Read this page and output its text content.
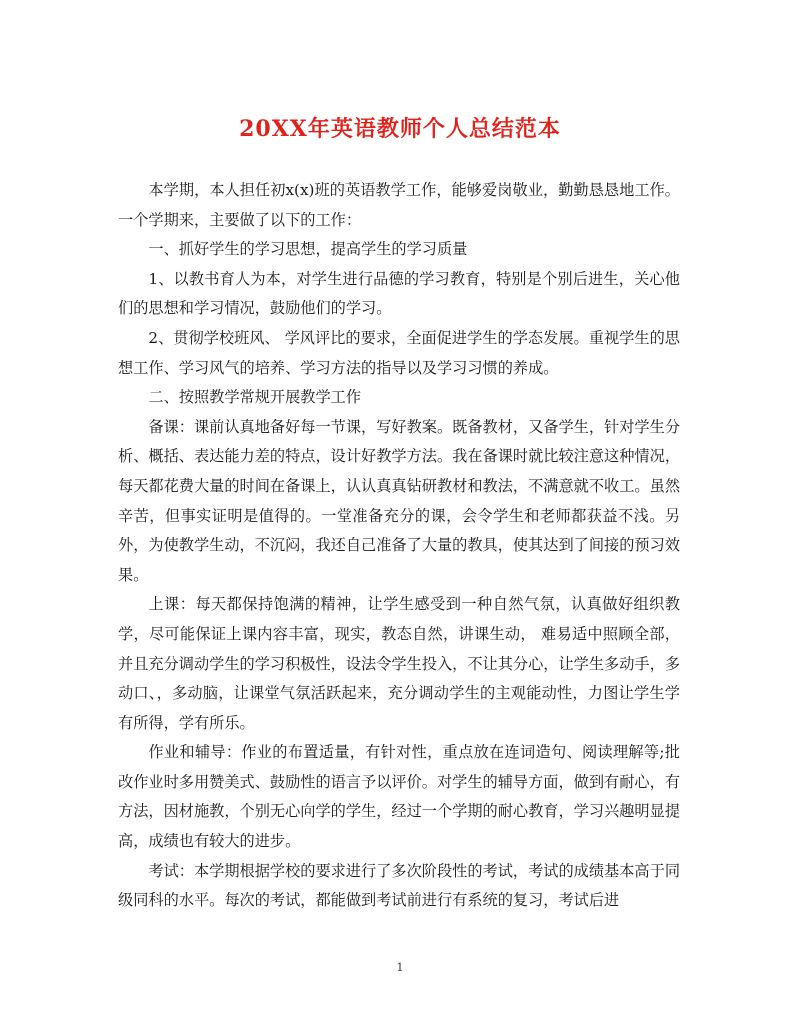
20XX年英语教师个人总结范本

本学期，本人担任初x(x)班的英语教学工作，能够爱岗敬业，勤勤恳恳地工作。一个学期来，主要做了以下的工作：

一、抓好学生的学习思想，提高学生的学习质量

1、以教书育人为本，对学生进行品德的学习教育，特别是个别后进生，关心他们的思想和学习情况，鼓励他们的学习。

2、贯彻学校班风、 学风评比的要求，全面促进学生的学态发展。重视学生的思想工作、学习风气的培养、学习方法的指导以及学习习惯的养成。

二、按照教学常规开展教学工作

备课：课前认真地备好每一节课，写好教案。既备教材，又备学生，针对学生分析、概括、表达能力差的特点，设计好教学方法。我在备课时就比较注意这种情况，每天都花费大量的时间在备课上，认认真真钻研教材和教法，不满意就不收工。虽然辛苦，但事实证明是值得的。一堂准备充分的课，会令学生和老师都获益不浅。另外，为使教学生动，不沉闷，我还自己准备了大量的教具，使其达到了间接的预习效果。

上课：每天都保持饱满的精神，让学生感受到一种自然气氛，认真做好组织教学，尽可能保证上课内容丰富，现实，教态自然，讲课生动， 难易适中照顾全部，并且充分调动学生的学习积极性，设法令学生投入，不让其分心，让学生多动手，多动口、，多动脑，让课堂气氛活跃起来，充分调动学生的主观能动性，力图让学生学有所得，学有所乐。

作业和辅导：作业的布置适量，有针对性，重点放在连词造句、阅读理解等;批改作业时多用赞美式、鼓励性的语言予以评价。对学生的辅导方面，做到有耐心，有方法，因材施教，个别无心向学的学生，经过一个学期的耐心教育，学习兴趣明显提高，成绩也有较大的进步。

考试：本学期根据学校的要求进行了多次阶段性的考试，考试的成绩基本高于同级同科的水平。每次的考试，都能做到考试前进行有系统的复习，考试后进

1
